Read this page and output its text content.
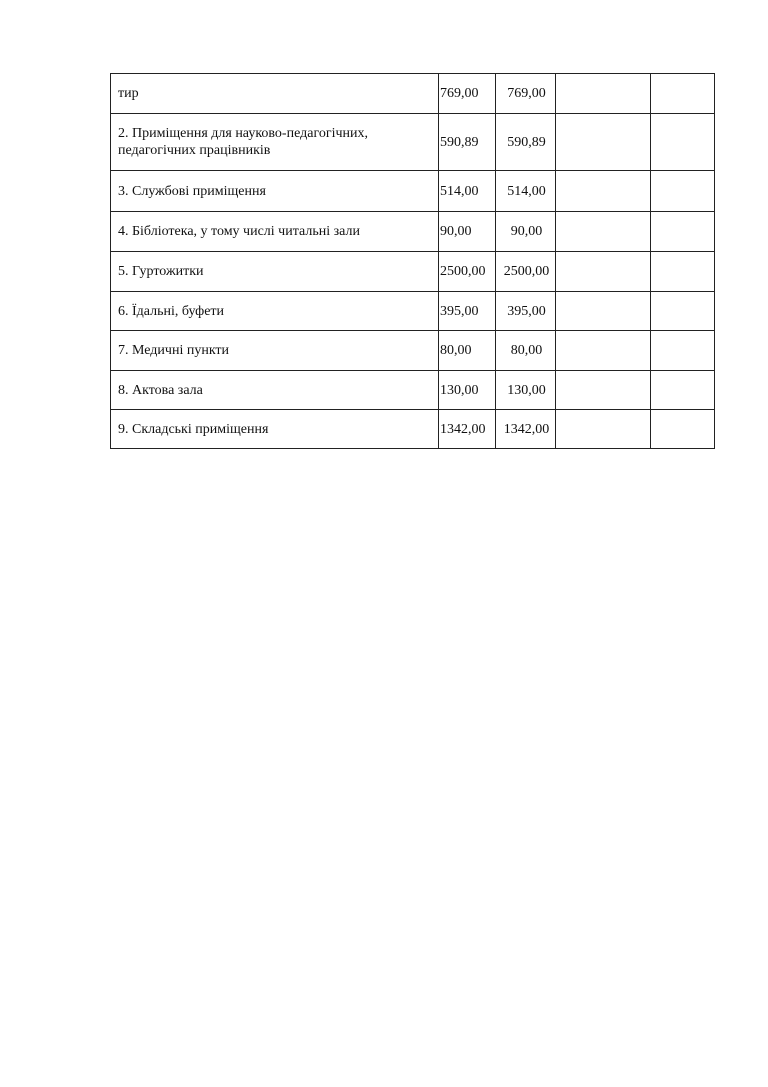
тир	769,00	769,00		
2. Приміщення для науково-педагогічних, педагогічних працівників	590,89	590,89		
3. Службові приміщення	514,00	514,00		
4. Бібліотека, у тому числі читальні зали	90,00	90,00		
5. Гуртожитки	2500,00	2500,00		
6. Їдальні, буфети	395,00	395,00		
7. Медичні пункти	80,00	80,00		
8. Актова зала	130,00	130,00		
9. Складські приміщення	1342,00	1342,00		
